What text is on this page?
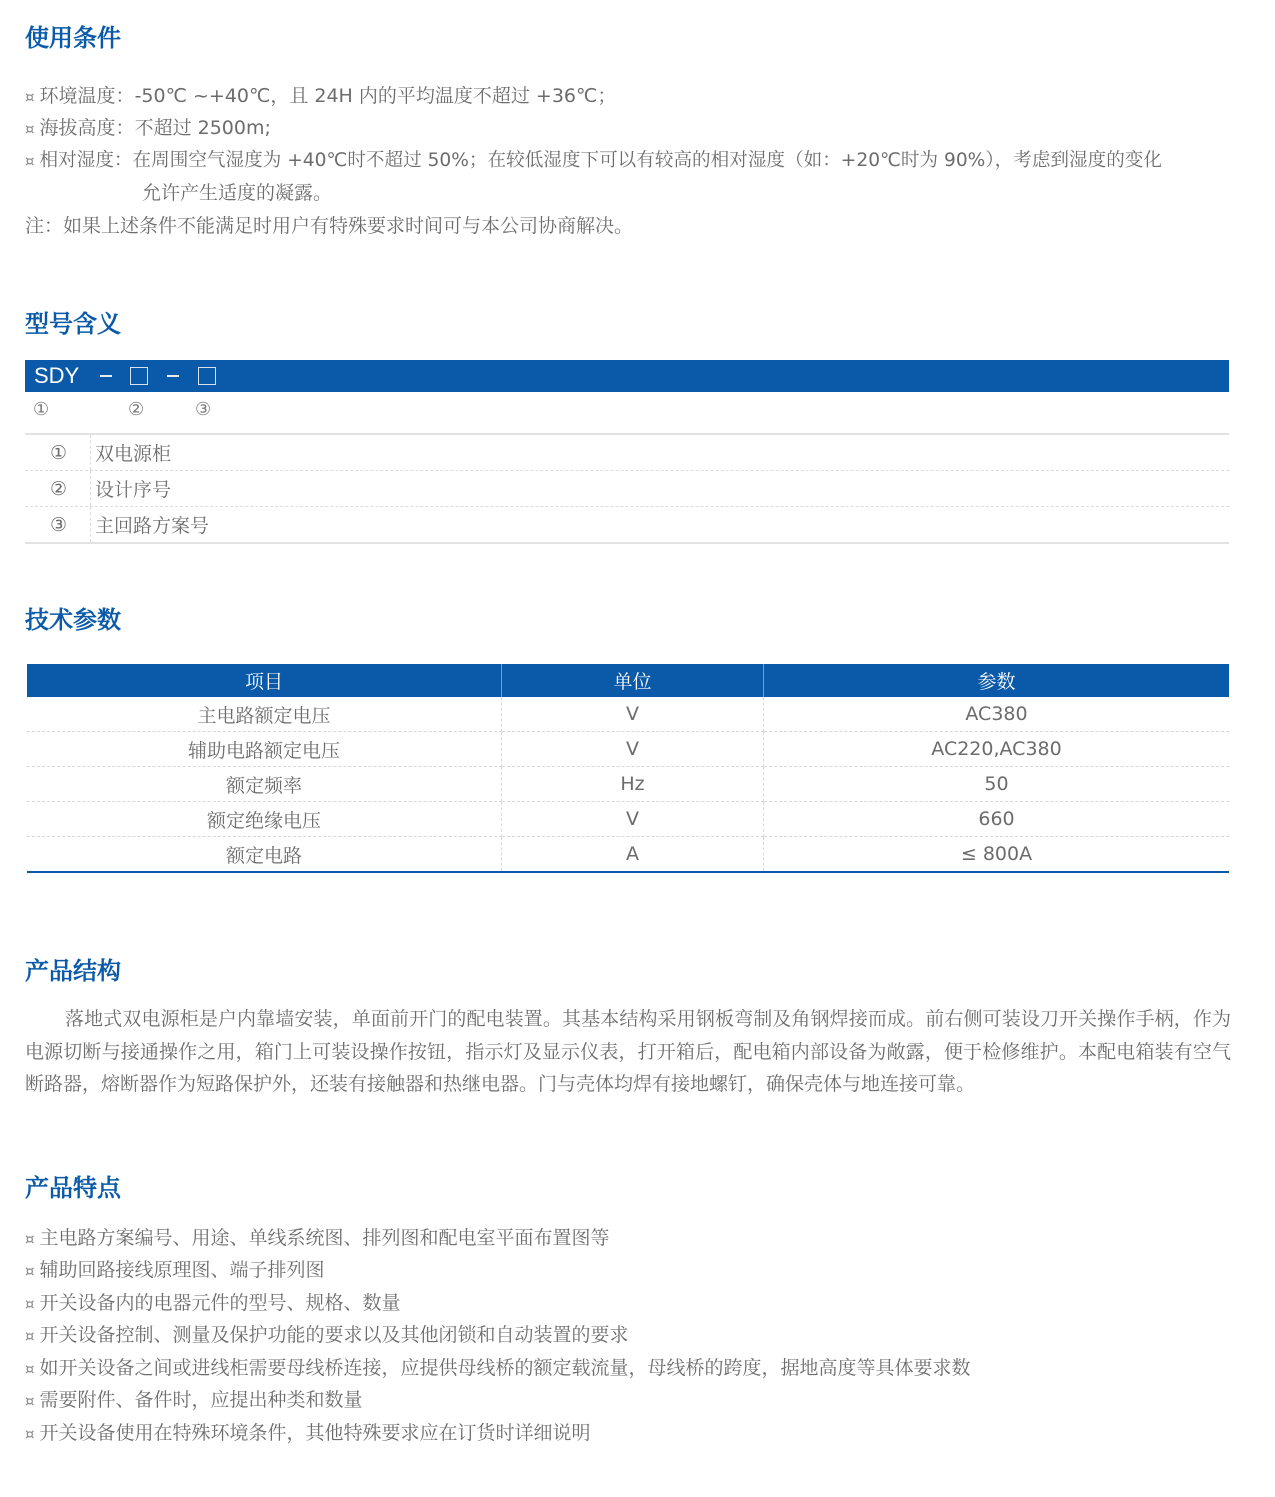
使用条件

¤ 环境温度：-50℃ ~+40℃，且 24H 内的平均温度不超过 +36℃；

¤ 海拔高度：不超过 2500m;

¤ 相对湿度：在周围空气湿度为 +40℃时不超过 50%；在较低湿度下可以有较高的相对湿度（如：+20℃时为 90%），考虑到湿度的变化

允许产生适度的凝露。

注：如果上述条件不能满足时用户有特殊要求时间可与本公司协商解决。

型号含义
SDY
①	②	③
①	双电源柜
②	设计序号
③	主回路方案号
技术参数
项目	单位	参数
主电路额定电压	V	AC380
辅助电路额定电压	V	AC220,AC380
额定频率	Hz	50
额定绝缘电压	V	660
额定电路	A	≤ 800A
产品结构

落地式双电源柜是户内靠墙安装，单面前开门的配电装置。其基本结构采用钢板弯制及角钢焊接而成。前右侧可装设刀开关操作手柄，作为电源切断与接通操作之用，箱门上可装设操作按钮，指示灯及显示仪表，打开箱后，配电箱内部设备为敞露，便于检修维护。本配电箱装有空气断路器，熔断器作为短路保护外，还装有接触器和热继电器。门与壳体均焊有接地螺钉，确保壳体与地连接可靠。

产品特点

¤ 主电路方案编号、用途、单线系统图、排列图和配电室平面布置图等

¤ 辅助回路接线原理图、端子排列图

¤ 开关设备内的电器元件的型号、规格、数量

¤ 开关设备控制、测量及保护功能的要求以及其他闭锁和自动装置的要求

¤ 如开关设备之间或进线柜需要母线桥连接，应提供母线桥的额定载流量，母线桥的跨度，据地高度等具体要求数

¤ 需要附件、备件时，应提出种类和数量

¤ 开关设备使用在特殊环境条件，其他特殊要求应在订货时详细说明
